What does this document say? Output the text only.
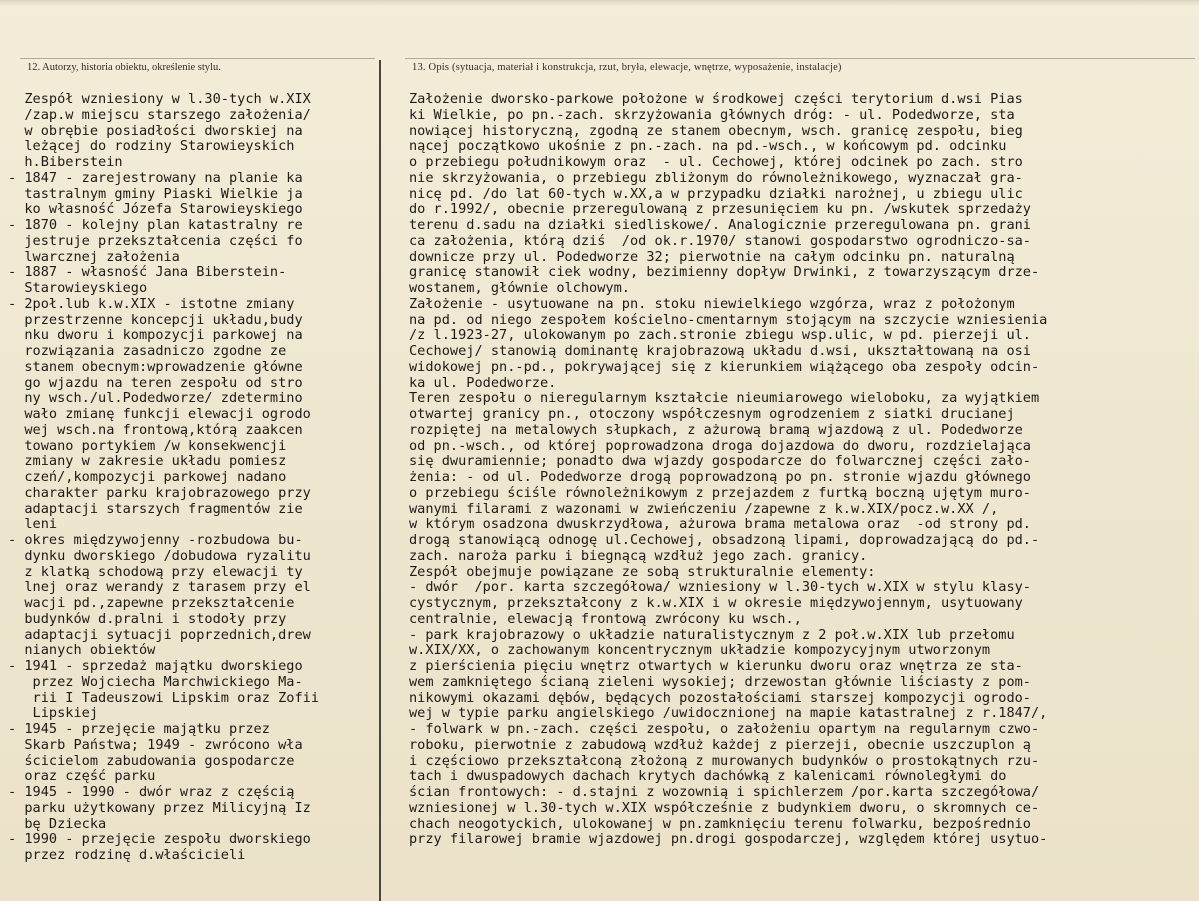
12. Autorzy, historia obiektu, określenie stylu.	13. Opis (sytuacja, materiał i konstrukcja, rzut, bryła, elewacje, wnętrze, wyposażenie, instalacje)
Zespół wzniesiony w l.30-tych w.XIX
/zap.w miejscu starszego założenia/
w obrębie posiadłości dworskiej na
leżącej do rodziny Starowieyskich
h.Biberstein
- 1847 - zarejestrowany na planie ka
tastralnym gminy Piaski Wielkie ja
ko własność Józefa Starowieyskiego
- 1870 - kolejny plan katastralny re
jestruje przekształcenia części fo
lwarcznej założenia
- 1887 - własność Jana Biberstein-
Starowieyskiego
- 2poł.lub k.w.XIX - istotne zmiany
przestrzenne koncepcji układu,budy
nku dworu i kompozycji parkowej na
rozwiązania zasadniczo zgodne ze
stanem obecnym:wprowadzenie główne
go wjazdu na teren zespołu od stro
ny wsch./ul.Podedworze/ zdetermino
wało zmianę funkcji elewacji ogrodo
wej wsch.na frontową,którą zaakcen
towano portykiem /w konsekwencji
zmiany w zakresie układu pomiesz
czeń/,kompozycji parkowej nadano
charakter parku krajobrazowego przy
adaptacji starszych fragmentów zie
leni
- okres międzywojenny -rozbudowa bu-
dynku dworskiego /dobudowa ryzalitu
z klatką schodową przy elewacji ty
lnej oraz werandy z tarasem przy el
wacji pd.,zapewne przekształcenie
budynków d.pralni i stodoły przy
adaptacji sytuacji poprzednich,drew
nianych obiektów
- 1941 - sprzedaż majątku dworskiego
przez Wojciecha Marchwickiego Ma-
rii I Tadeuszowi Lipskim oraz Zofii
Lipskiej
- 1945 - przejęcie majątku przez
Skarb Państwa; 1949 - zwrócono wła
ścicielom zabudowania gospodarcze
oraz część parku
- 1945 - 1990 - dwór wraz z częścią
parku użytkowany przez Milicyjną Iz
bę Dziecka
- 1990 - przejęcie zespołu dworskiego
przez rodzinę d.właścicieli
Założenie dworsko-parkowe położone w środkowej części terytorium d.wsi Pias
ki Wielkie, po pn.-zach. skrzyżowania głównych dróg: - ul. Podedworze, sta
nowiącej historyczną, zgodną ze stanem obecnym, wsch. granicę zespołu, bieg
nącej początkowo ukośnie z pn.-zach. na pd.-wsch., w końcowym pd. odcinku
o przebiegu południkowym oraz  - ul. Cechowej, której odcinek po zach. stro
nie skrzyżowania, o przebiegu zbliżonym do równoleżnikowego, wyznaczał gra-
nicę pd. /do lat 60-tych w.XX,a w przypadku działki narożnej, u zbiegu ulic
do r.1992/, obecnie przeregulowaną z przesunięciem ku pn. /wskutek sprzedaży
terenu d.sadu na działki siedliskowe/. Analogicznie przeregulowana pn. grani
ca założenia, którą dziś  /od ok.r.1970/ stanowi gospodarstwo ogrodniczo-sa-
downicze przy ul. Podedworze 32; pierwotnie na całym odcinku pn. naturalną
granicę stanowił ciek wodny, bezimienny dopływ Drwinki, z towarzyszącym drze-
wostanem, głównie olchowym.
Założenie - usytuowane na pn. stoku niewielkiego wzgórza, wraz z położonym
na pd. od niego zespołem kościelno-cmentarnym stojącym na szczycie wzniesienia
/z l.1923-27, ulokowanym po zach.stronie zbiegu wsp.ulic, w pd. pierzeji ul.
Cechowej/ stanowią dominantę krajobrazową układu d.wsi, ukształtowaną na osi
widokowej pn.-pd., pokrywającej się z kierunkiem wiążącego oba zespoły odcin-
ka ul. Podedworze.
Teren zespołu o nieregularnym kształcie nieumiarowego wieloboku, za wyjątkiem
otwartej granicy pn., otoczony współczesnym ogrodzeniem z siatki drucianej
rozpiętej na metalowych słupkach, z ażurową bramą wjazdową z ul. Podedworze
od pn.-wsch., od której poprowadzona droga dojazdowa do dworu, rozdzielająca
się dwuramiennie; ponadto dwa wjazdy gospodarcze do folwarcznej części zało-
żenia: - od ul. Podedworze drogą poprowadzoną po pn. stronie wjazdu głównego
o przebiegu ściśle równoleżnikowym z przejazdem z furtką boczną ujętym muro-
wanymi filarami z wazonami w zwieńczeniu /zapewne z k.w.XIX/pocz.w.XX /,
w którym osadzona dwuskrzydłowa, ażurowa brama metalowa oraz  -od strony pd.
drogą stanowiącą odnogę ul.Cechowej, obsadzoną lipami, doprowadzającą do pd.-
zach. naroża parku i biegnącą wzdłuż jego zach. granicy.
Zespół obejmuje powiązane ze sobą strukturalnie elementy:
- dwór  /por. karta szczegółowa/ wzniesiony w l.30-tych w.XIX w stylu klasy-
cystycznym, przekształcony z k.w.XIX i w okresie międzywojennym, usytuowany
centralnie, elewacją frontową zwrócony ku wsch.,
- park krajobrazowy o układzie naturalistycznym z 2 poł.w.XIX lub przełomu
w.XIX/XX, o zachowanym koncentrycznym układzie kompozycyjnym utworzonym
z pierścienia pięciu wnętrz otwartych w kierunku dworu oraz wnętrza ze sta-
wem zamkniętego ścianą zieleni wysokiej; drzewostan głównie liściasty z pom-
nikowymi okazami dębów, będących pozostałościami starszej kompozycji ogrodo-
wej w typie parku angielskiego /uwidocznionej na mapie katastralnej z r.1847/,
- folwark w pn.-zach. części zespołu, o założeniu opartym na regularnym czwo-
roboku, pierwotnie z zabudową wzdłuż każdej z pierzeji, obecnie uszczuplon ą
i częściowo przekształconą złożoną z murowanych budynków o prostokątnych rzu-
tach i dwuspadowych dachach krytych dachówką z kalenicami równoległymi do
ścian frontowych: - d.stajni z wozownią i spichlerzem /por.karta szczegółowa/
wzniesionej w l.30-tych w.XIX współcześnie z budynkiem dworu, o skromnych ce-
chach neogotyckich, ulokowanej w pn.zamknięciu terenu folwarku, bezpośrednio
przy filarowej bramie wjazdowej pn.drogi gospodarczej, względem której usytuo-
